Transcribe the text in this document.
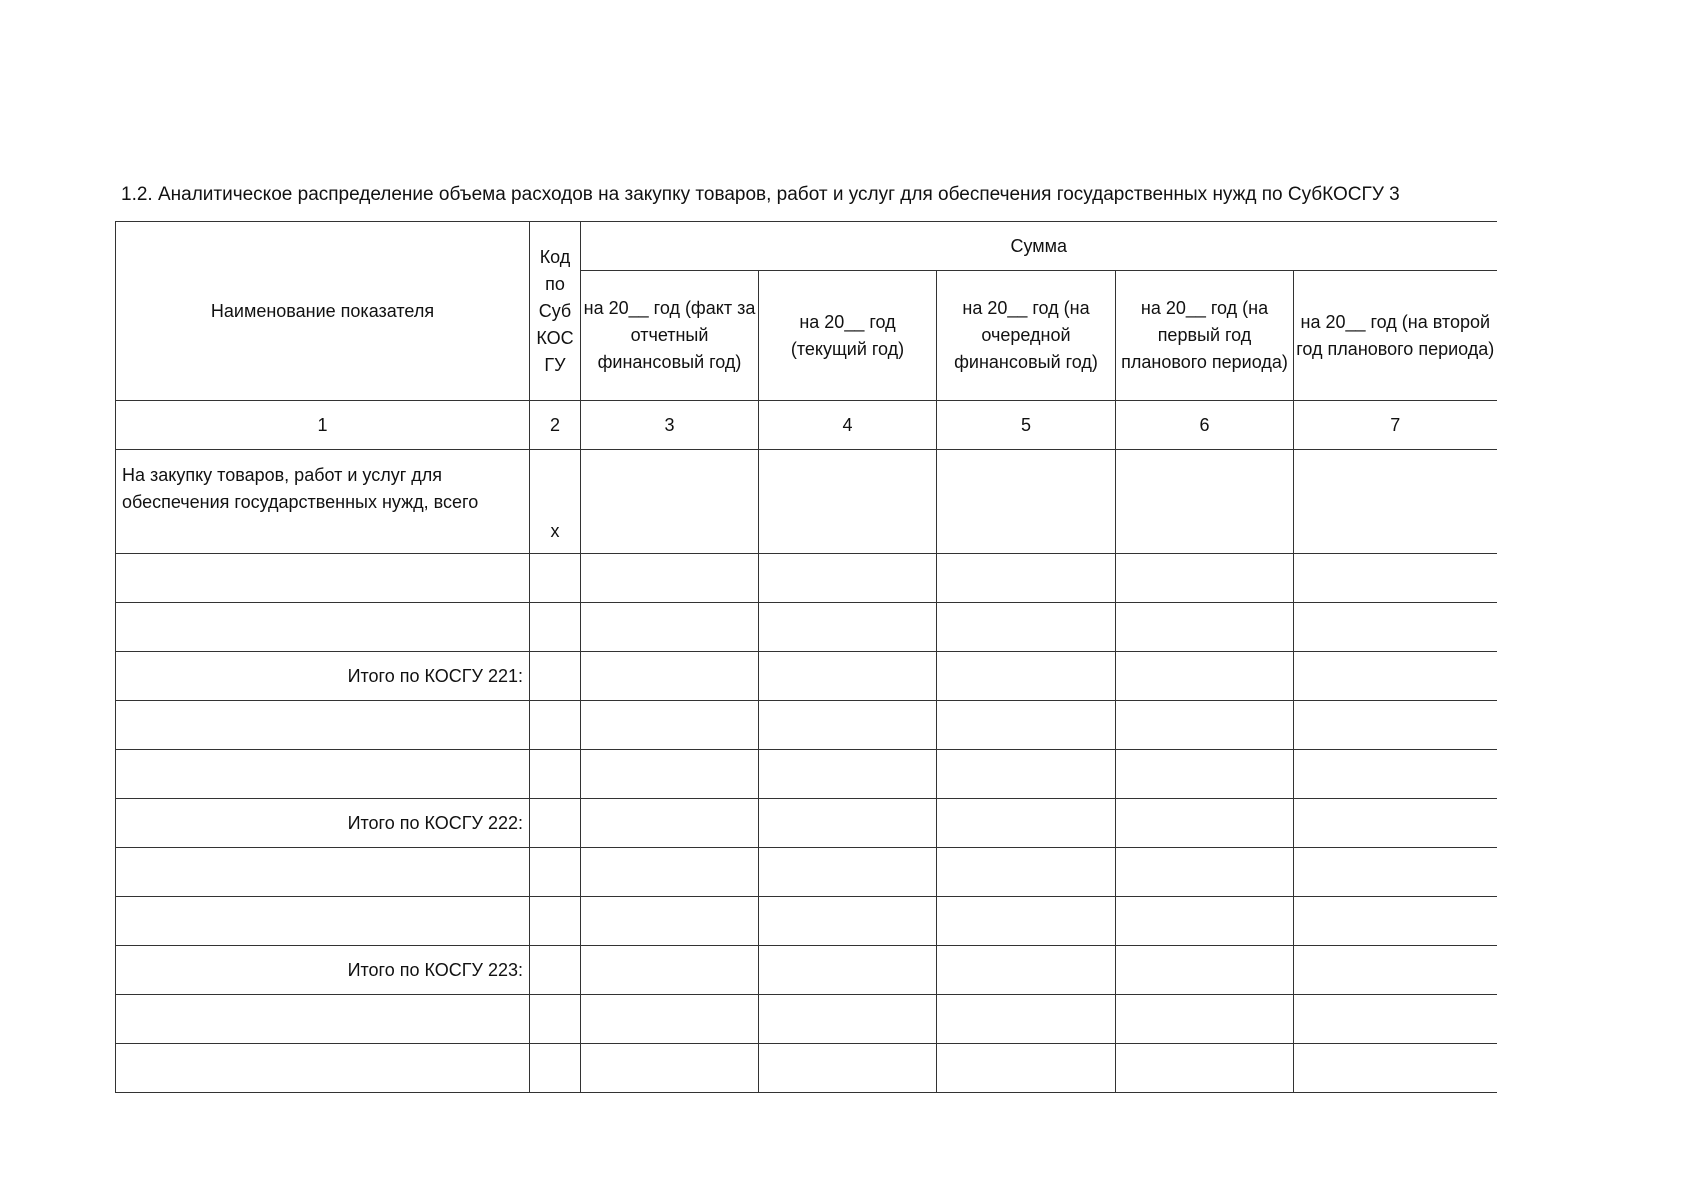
1.2. Аналитическое распределение объема расходов на закупку товаров, работ и услуг для обеспечения государственных нужд по СубКОСГУ 3
Наименование показателя	Код по Суб КОС ГУ	Сумма				
		на 20__ год (факт за отчетный финансовый год)	на 20__ год (текущий год)	на 20__ год (на очередной финансовый год)	на 20__ год (на первый год планового периода)	на 20__ год (на второй год планового периода)
1	2	3	4	5	6	7
На закупку товаров, работ и услуг для обеспечения государственных нужд, всего	x					

Итого по КОСГУ 221:						

Итого по КОСГУ 222:						

Итого по КОСГУ 223:						
